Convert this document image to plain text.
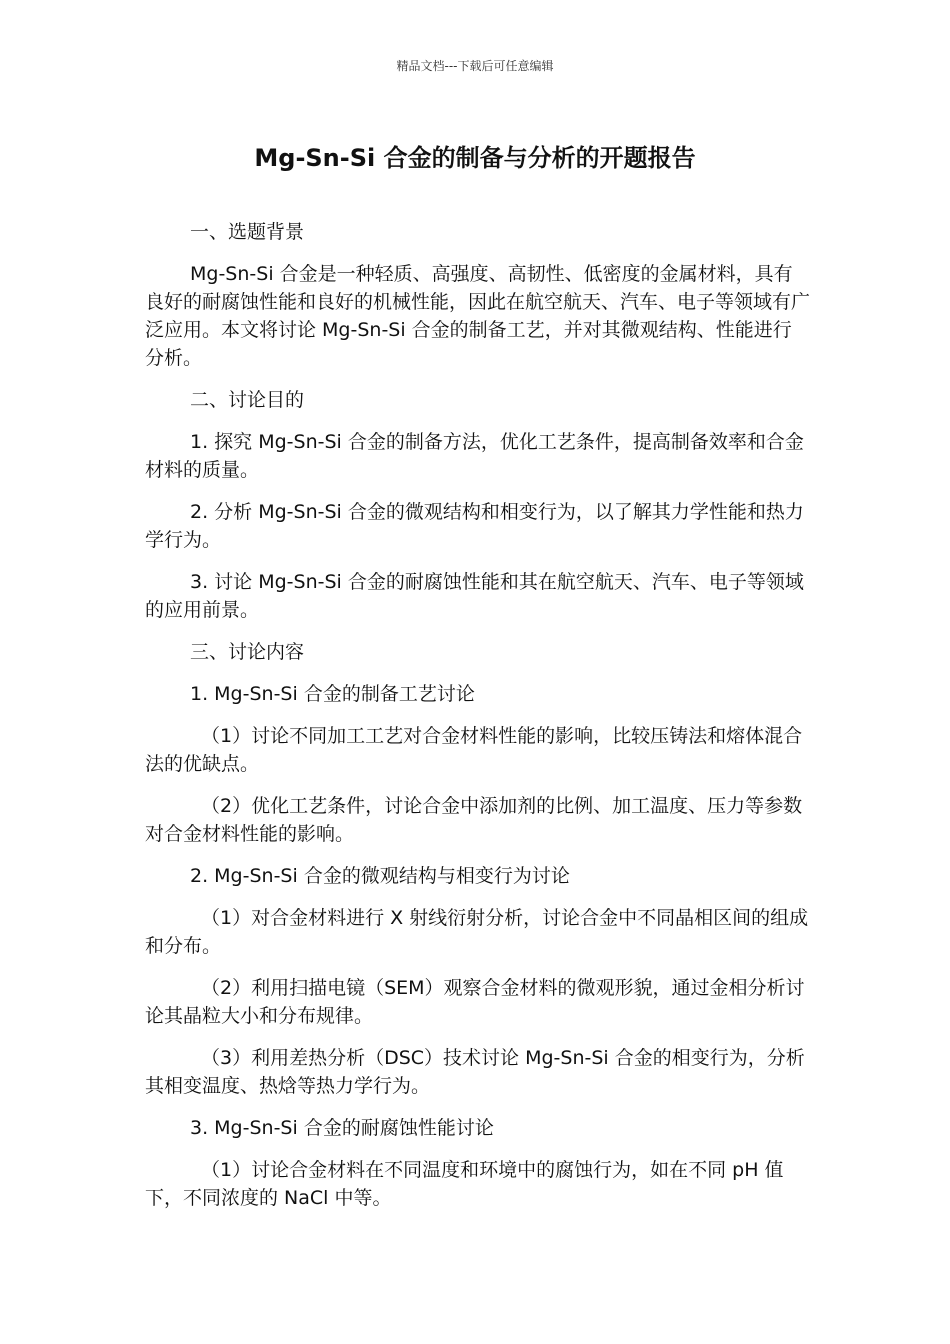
精品文档---下载后可任意编辑
Mg-Sn-Si 合金的制备与分析的开题报告

一、选题背景

Mg-Sn-Si 合金是一种轻质、高强度、高韧性、低密度的金属材料，具有良好的耐腐蚀性能和良好的机械性能，因此在航空航天、汽车、电子等领域有广泛应用。本文将讨论 Mg-Sn-Si 合金的制备工艺，并对其微观结构、性能进行分析。

二、讨论目的

1. 探究 Mg-Sn-Si 合金的制备方法，优化工艺条件，提高制备效率和合金材料的质量。

2. 分析 Mg-Sn-Si 合金的微观结构和相变行为，以了解其力学性能和热力学行为。

3. 讨论 Mg-Sn-Si 合金的耐腐蚀性能和其在航空航天、汽车、电子等领域的应用前景。

三、讨论内容

1. Mg-Sn-Si 合金的制备工艺讨论

（1）讨论不同加工工艺对合金材料性能的影响，比较压铸法和熔体混合法的优缺点。

（2）优化工艺条件，讨论合金中添加剂的比例、加工温度、压力等参数对合金材料性能的影响。

2. Mg-Sn-Si 合金的微观结构与相变行为讨论

（1）对合金材料进行 X 射线衍射分析，讨论合金中不同晶相区间的组成和分布。

（2）利用扫描电镜（SEM）观察合金材料的微观形貌，通过金相分析讨论其晶粒大小和分布规律。

（3）利用差热分析（DSC）技术讨论 Mg-Sn-Si 合金的相变行为，分析其相变温度、热焓等热力学行为。

3. Mg-Sn-Si 合金的耐腐蚀性能讨论

（1）讨论合金材料在不同温度和环境中的腐蚀行为，如在不同 pH 值下，不同浓度的 NaCl 中等。
